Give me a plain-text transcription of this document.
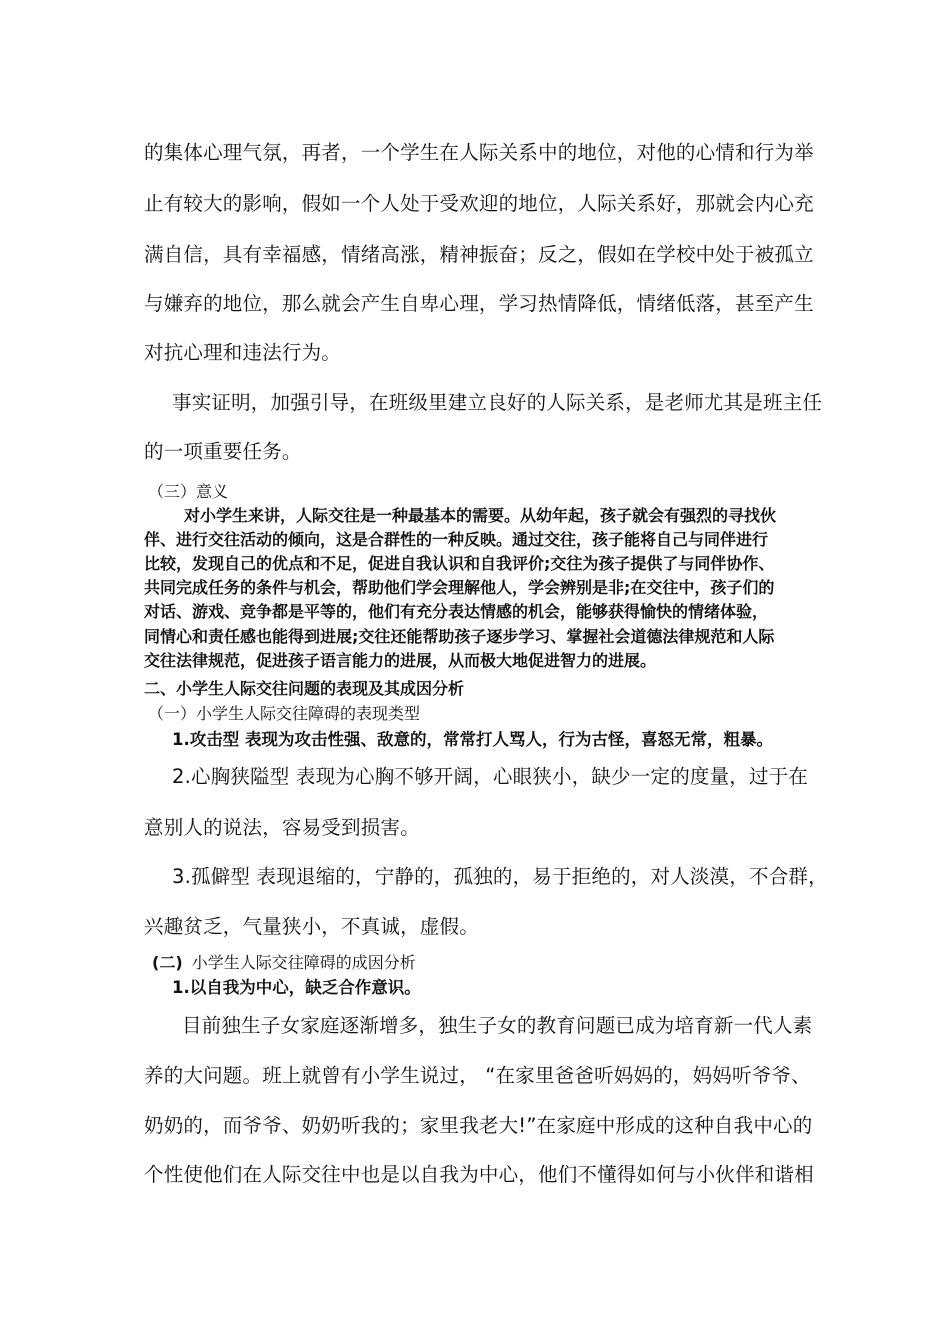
的集体心理气氛，再者，一个学生在人际关系中的地位，对他的心情和行为举
止有较大的影响，假如一个人处于受欢迎的地位，人际关系好，那就会内心充
满自信，具有幸福感，情绪高涨，精神振奋；反之，假如在学校中处于被孤立
与嫌弃的地位，那么就会产生自卑心理，学习热情降低，情绪低落，甚至产生
对抗心理和违法行为。
事实证明，加强引导，在班级里建立良好的人际关系，是老师尤其是班主任
的一项重要任务。
（三）意义
对小学生来讲，人际交往是一种最基本的需要。从幼年起，孩子就会有强烈的寻找伙
伴、进行交往活动的倾向，这是合群性的一种反映。通过交往，孩子能将自己与同伴进行
比较，发现自己的优点和不足，促进自我认识和自我评价;交往为孩子提供了与同伴协作、
共同完成任务的条件与机会，帮助他们学会理解他人，学会辨别是非;在交往中，孩子们的
对话、游戏、竞争都是平等的，他们有充分表达情感的机会，能够获得愉快的情绪体验，
同情心和责任感也能得到进展;交往还能帮助孩子逐步学习、掌握社会道德法律规范和人际
交往法律规范，促进孩子语言能力的进展，从而极大地促进智力的进展。
二、小学生人际交往问题的表现及其成因分析
（一）小学生人际交往障碍的表现类型
1.攻击型 表现为攻击性强、敌意的，常常打人骂人，行为古怪，喜怒无常，粗暴。
2.心胸狭隘型 表现为心胸不够开阔，心眼狭小，缺少一定的度量，过于在
意别人的说法，容易受到损害。
3.孤僻型 表现退缩的，宁静的，孤独的，易于拒绝的，对人淡漠，不合群，
兴趣贫乏，气量狭小，不真诚，虚假。
(二) 小学生人际交往障碍的成因分析
1.以自我为中心，缺乏合作意识。
目前独生子女家庭逐渐增多，独生子女的教育问题已成为培育新一代人素
养的大问题。班上就曾有小学生说过， “在家里爸爸听妈妈的，妈妈听爷爷、
奶奶的，而爷爷、奶奶听我的；家里我老大!”在家庭中形成的这种自我中心的
个性使他们在人际交往中也是以自我为中心，他们不懂得如何与小伙伴和谐相
